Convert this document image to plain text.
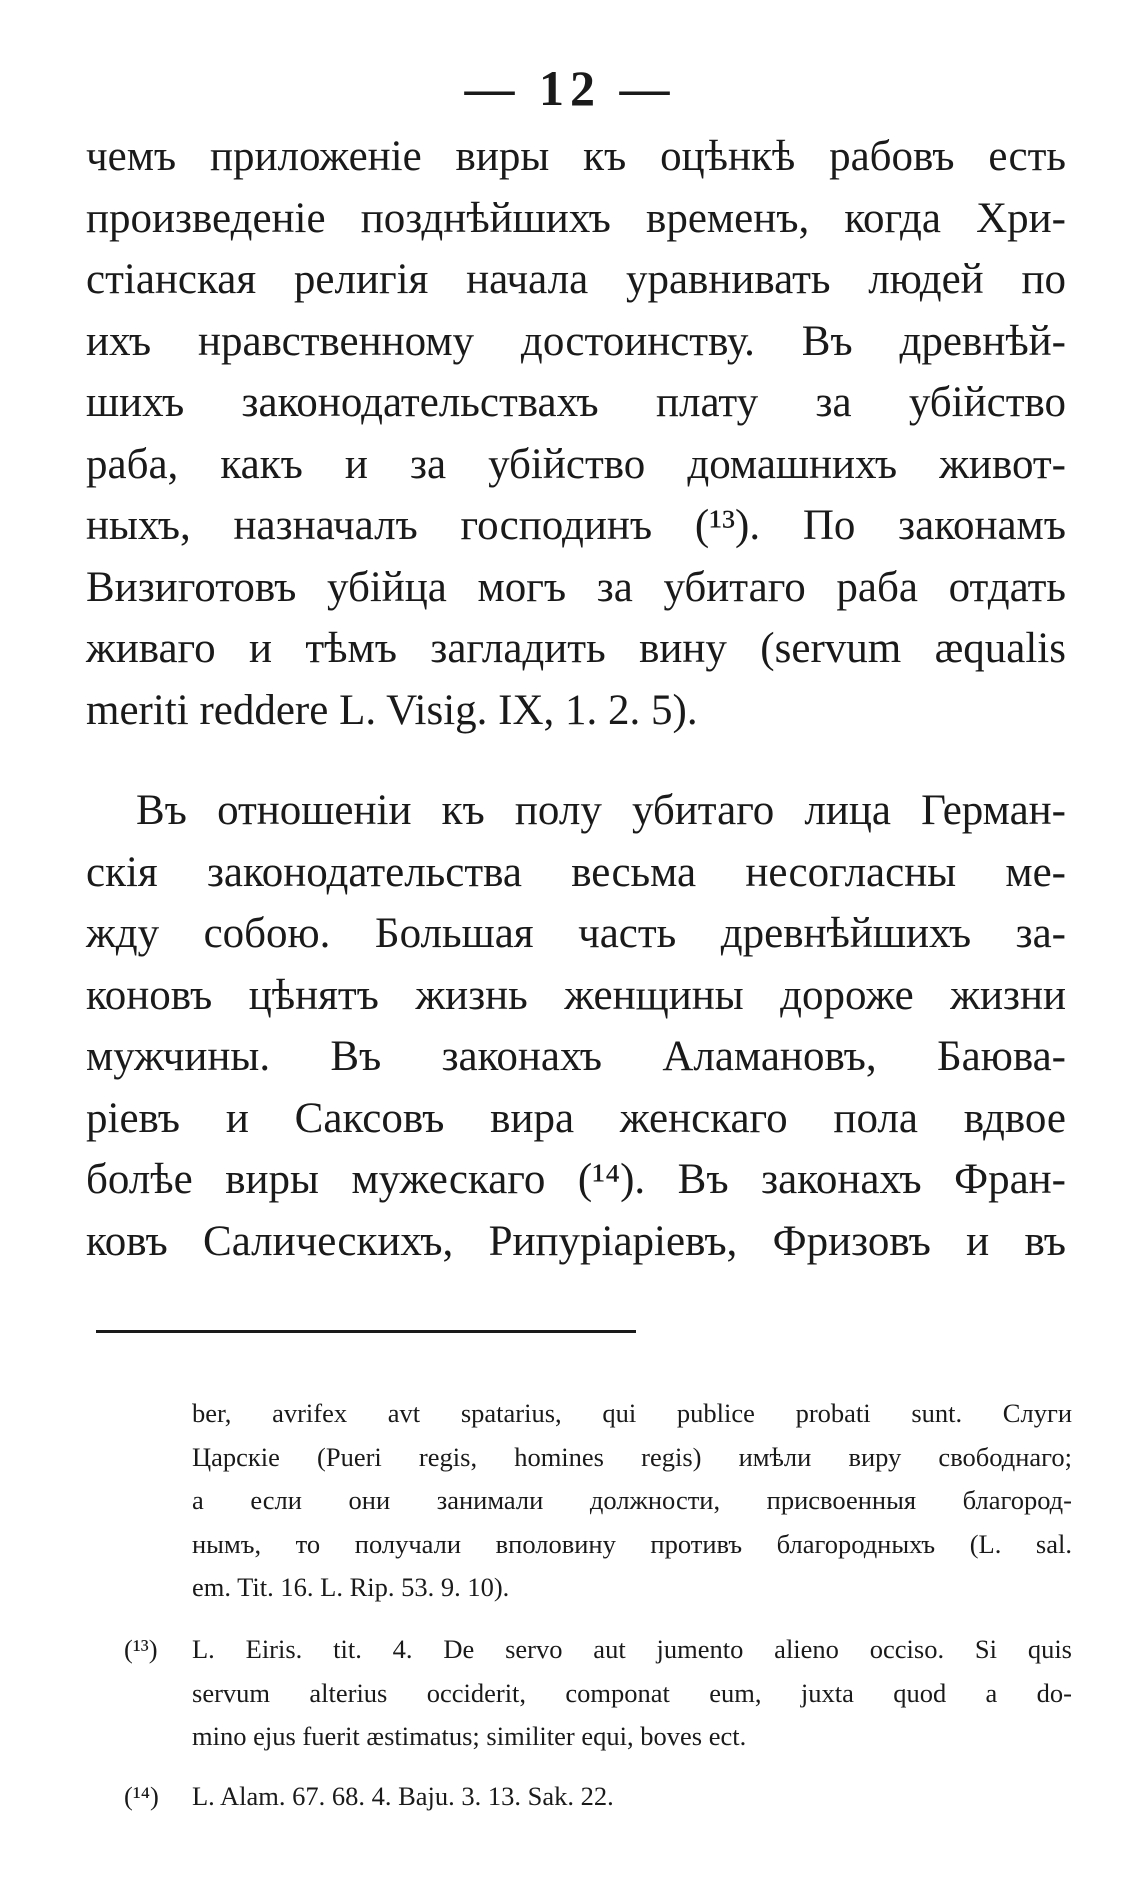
— 12 —
чемъ приложеніе виры къ оцѣнкѣ рабовъ есть
произведеніе позднѣйшихъ временъ, когда Хри-
стіанская религія начала уравнивать людей по
ихъ нравственному достоинству. Въ древнѣй-
шихъ законодательствахъ плату за убійство
раба, какъ и за убійство домашнихъ живот-
ныхъ, назначалъ господинъ (¹³). По законамъ
Визиготовъ убійца могъ за убитаго раба отдать
живаго и тѣмъ загладить вину (servum æqualis
meriti reddere L. Visig. IX, 1. 2. 5).
Въ отношеніи къ полу убитаго лица Герман-
скія законодательства весьма несогласны ме-
жду собою. Большая часть древнѣйшихъ за-
коновъ цѣнятъ жизнь женщины дороже жизни
мужчины. Въ законахъ Аламановъ, Баюва-
ріевъ и Саксовъ вира женскаго пола вдвое
болѣе виры мужескаго (¹⁴). Въ законахъ Фран-
ковъ Салическихъ, Рипуріаріевъ, Фризовъ и въ
ber, avrifex avt spatarius, qui publice probati sunt. Слуги
Царскіе (Pueri regis, homines regis) имѣли виру свободнаго;
а если они занимали должности, присвоенныя благород-
нымъ, то получали вполовину противъ благородныхъ (L. sal.
em. Tit. 16. L. Rip. 53. 9. 10).
(¹³) L. Eiris. tit. 4. De servo aut jumento alieno occiso. Si quis
servum alterius occiderit, componat eum, juxta quod a do-
mino ejus fuerit æstimatus; similiter equi, boves ect.
(¹⁴) L. Alam. 67. 68. 4. Baju. 3. 13. Sak. 22.
